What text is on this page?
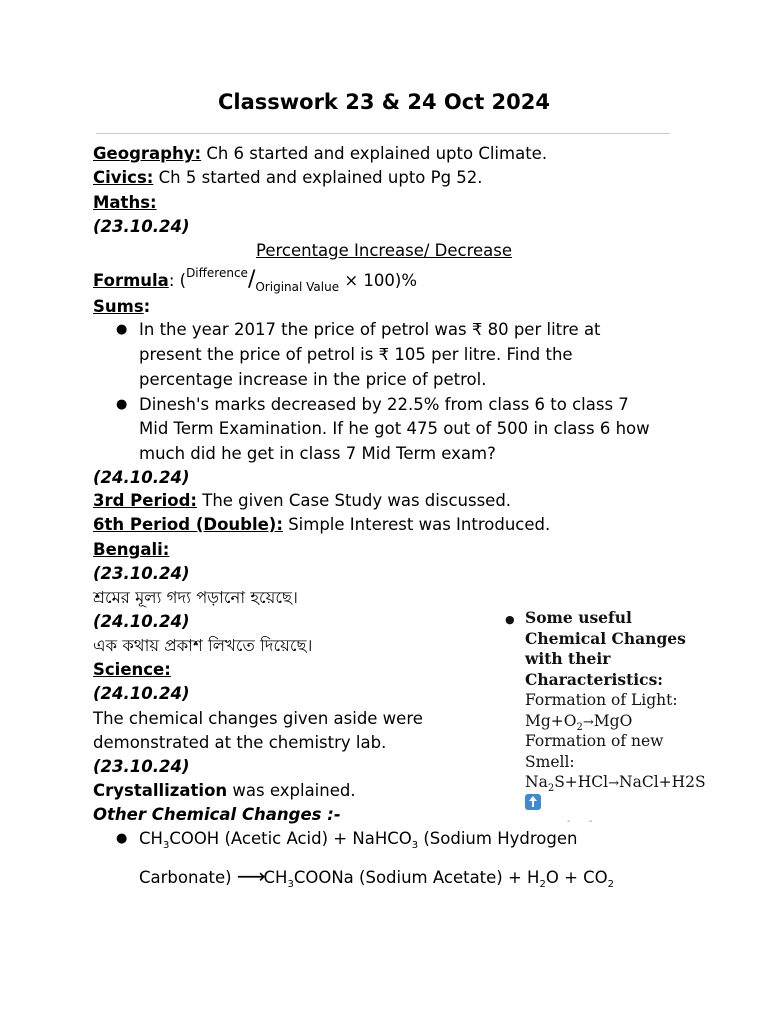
Classwork 23 & 24 Oct 2024
Geography: Ch 6 started and explained upto Climate.
Civics: Ch 5 started and explained upto Pg 52.
Maths:
(23.10.24)
Percentage Increase/ Decrease
Formula: $(^{Difference}/_{Original Value} \times 100)\%$
Sums:
● In the year 2017 the price of petrol was ₹ 80 per litre at
present the price of petrol is ₹ 105 per litre. Find the
percentage increase in the price of petrol.
● Dinesh's marks decreased by 22.5% from class 6 to class 7
Mid Term Examination. If he got 475 out of 500 in class 6 how
much did he get in class 7 Mid Term exam?
(24.10.24)
3rd Period: The given Case Study was discussed.
6th Period (Double): Simple Interest was Introduced.
Bengali:
(23.10.24)
শ্রমের মূল্য গদ্য পড়ানো হয়েছে।
(24.10.24)
এক কথায় প্রকাশ লিখতে দিয়েছে।
Science:
(24.10.24)
The chemical changes given aside were
demonstrated at the chemistry lab.
(23.10.24)
Crystallization was explained.
Other Chemical Changes :-
● $CH_3COOH$ (Acetic Acid) + NaHCO$_3$ (Sodium Hydrogen
Carbonate) $⟶CH_3COONa$ (Sodium Acetate) + $H_2O + CO_2$
● Some useful
Chemical Changes
with their
Characteristics:
Formation of Light:
$Mg+O_2\to MgO$
Formation of new
Smell:
$Na_2S+HCl\to NaCl+H2S$
- -
